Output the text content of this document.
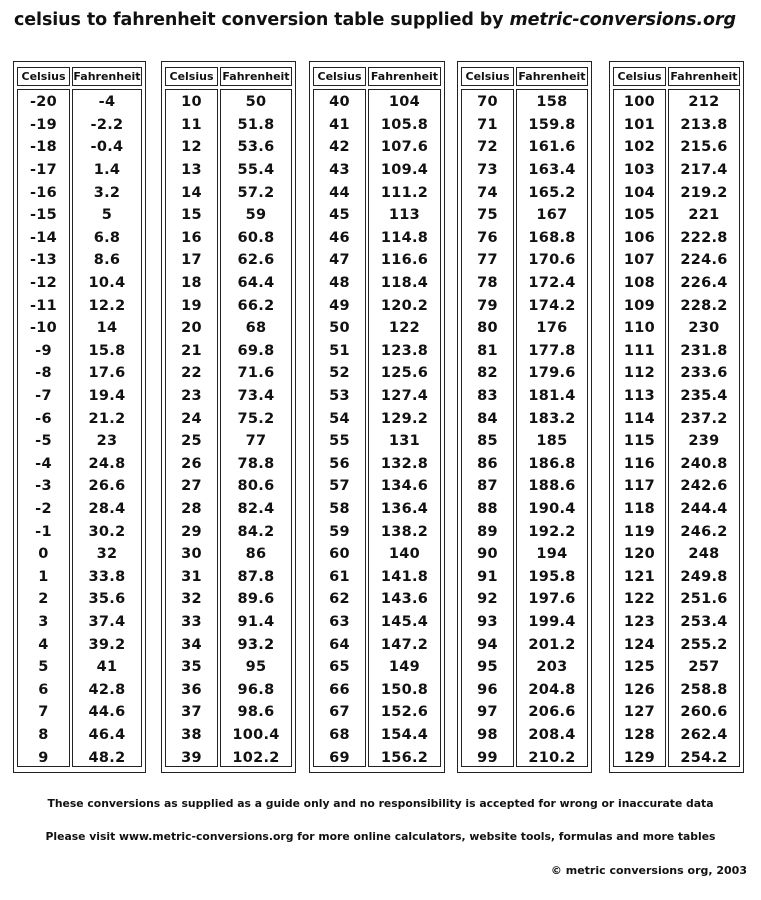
celsius to fahrenheit conversion table supplied by metric-conversions.org
Celsius Fahrenheit
-20
-19
-18
-17
-16
-15
-14
-13
-12
-11
-10
-9
-8
-7
-6
-5
-4
-3
-2
-1
0
1
2
3
4
5
6
7
8
9
-4
-2.2
-0.4
1.4
3.2
5
6.8
8.6
10.4
12.2
14
15.8
17.6
19.4
21.2
23
24.8
26.6
28.4
30.2
32
33.8
35.6
37.4
39.2
41
42.8
44.6
46.4
48.2
Celsius Fahrenheit
10
11
12
13
14
15
16
17
18
19
20
21
22
23
24
25
26
27
28
29
30
31
32
33
34
35
36
37
38
39
50
51.8
53.6
55.4
57.2
59
60.8
62.6
64.4
66.2
68
69.8
71.6
73.4
75.2
77
78.8
80.6
82.4
84.2
86
87.8
89.6
91.4
93.2
95
96.8
98.6
100.4
102.2
Celsius Fahrenheit
40
41
42
43
44
45
46
47
48
49
50
51
52
53
54
55
56
57
58
59
60
61
62
63
64
65
66
67
68
69
104
105.8
107.6
109.4
111.2
113
114.8
116.6
118.4
120.2
122
123.8
125.6
127.4
129.2
131
132.8
134.6
136.4
138.2
140
141.8
143.6
145.4
147.2
149
150.8
152.6
154.4
156.2
Celsius Fahrenheit
70
71
72
73
74
75
76
77
78
79
80
81
82
83
84
85
86
87
88
89
90
91
92
93
94
95
96
97
98
99
158
159.8
161.6
163.4
165.2
167
168.8
170.6
172.4
174.2
176
177.8
179.6
181.4
183.2
185
186.8
188.6
190.4
192.2
194
195.8
197.6
199.4
201.2
203
204.8
206.6
208.4
210.2
Celsius Fahrenheit
100
101
102
103
104
105
106
107
108
109
110
111
112
113
114
115
116
117
118
119
120
121
122
123
124
125
126
127
128
129
212
213.8
215.6
217.4
219.2
221
222.8
224.6
226.4
228.2
230
231.8
233.6
235.4
237.2
239
240.8
242.6
244.4
246.2
248
249.8
251.6
253.4
255.2
257
258.8
260.6
262.4
254.2
These conversions as supplied as a guide only and no responsibility is accepted for wrong or inaccurate data
Please visit www.metric-conversions.org for more online calculators, website tools, formulas and more tables
© metric conversions org, 2003
